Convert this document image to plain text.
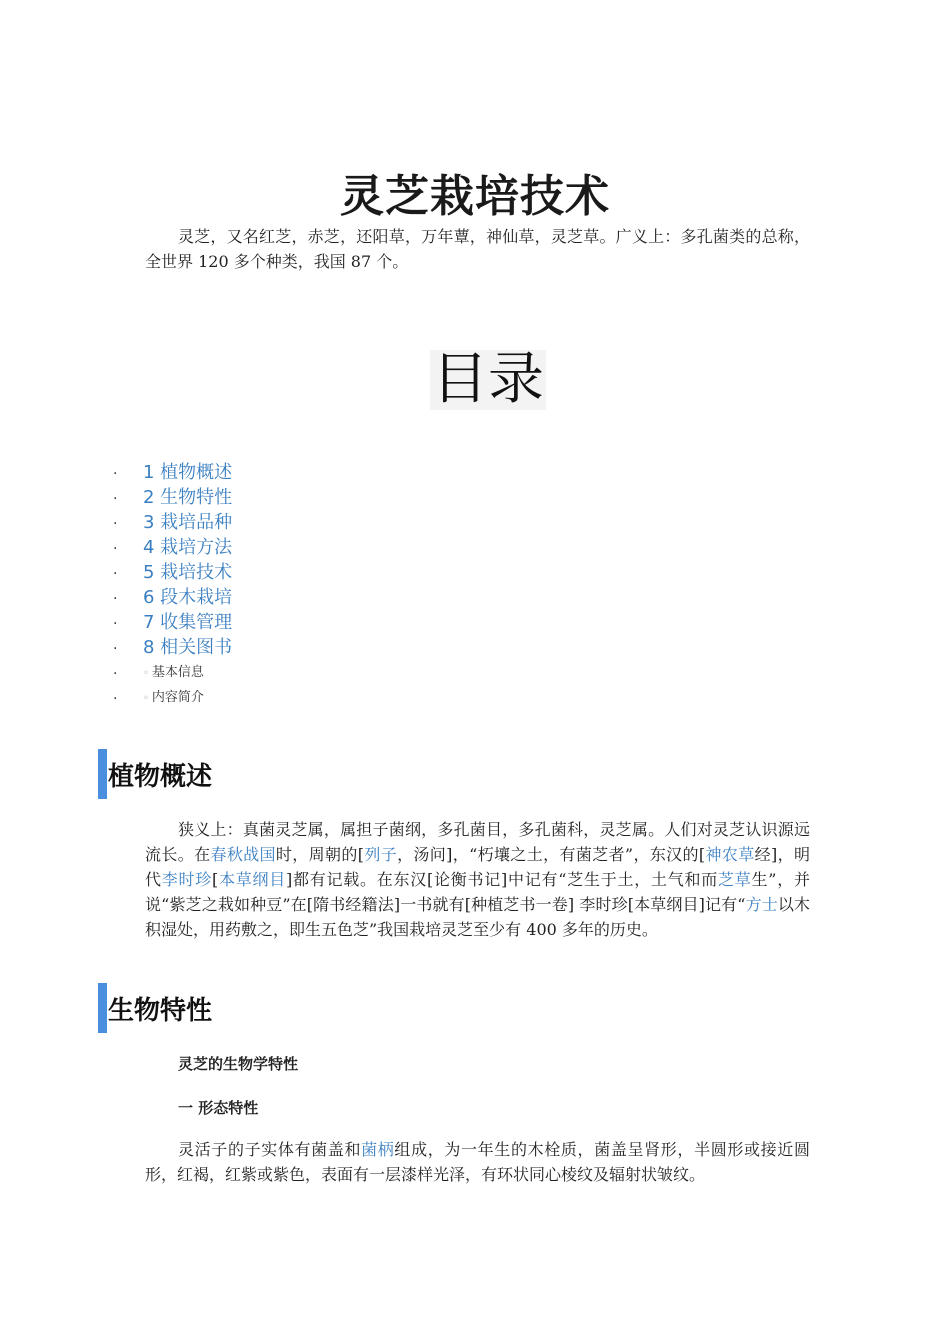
灵芝栽培技术

灵芝，又名红芝，赤芝，还阳草，万年蕈，神仙草，灵芝草。广义上：多孔菌类的总称，全世界 120 多个种类，我国 87 个。

目录
.	1 植物概述
.	2 生物特性
.	3 栽培品种
.	4 栽培方法
.	5 栽培技术
.	6 段木栽培
.	7 收集管理
.	8 相关图书
.	◦ 基本信息
.	◦ 内容简介
植物概述

狭义上：真菌灵芝属，属担子菌纲，多孔菌目，多孔菌科，灵芝属。人们对灵芝认识源远流长。在春秋战国时，周朝的[列子，汤问]，“朽壤之土，有菌芝者”，东汉的[神农草经]，明代李时珍[本草纲目]都有记载。在东汉[论衡书记]中记有“芝生于土，土气和而芝草生”，并说“紫芝之栽如种豆”在[隋书经籍法]一书就有[种植芝书一卷] 李时珍[本草纲目]记有“方士以木积湿处，用药敷之，即生五色芝”我国栽培灵芝至少有 400 多年的历史。

生物特性
灵芝的生物学特性
一 形态特性

灵活子的子实体有菌盖和菌柄组成，为一年生的木栓质，菌盖呈肾形，半圆形或接近圆形，红褐，红紫或紫色，表面有一层漆样光泽，有环状同心棱纹及辐射状皱纹。
